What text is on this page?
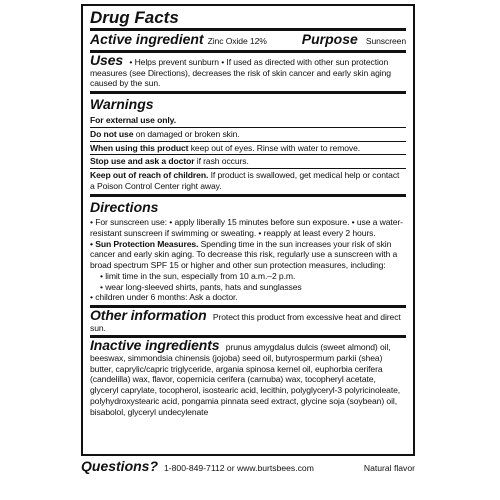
Drug Facts
Active ingredient Zinc Oxide 12% Purpose Sunscreen
Uses • Helps prevent sunburn • If used as directed with other sun protection measures (see Directions), decreases the risk of skin cancer and early skin aging caused by the sun.
Warnings
For external use only.
Do not use on damaged or broken skin.
When using this product keep out of eyes. Rinse with water to remove.
Stop use and ask a doctor if rash occurs.
Keep out of reach of children. If product is swallowed, get medical help or contact a Poison Control Center right away.
Directions
• For sunscreen use: • apply liberally 15 minutes before sun exposure. • use a water-resistant sunscreen if swimming or sweating. • reapply at least every 2 hours.
• Sun Protection Measures. Spending time in the sun increases your risk of skin cancer and early skin aging. To decrease this risk, regularly use a sunscreen with a broad spectrum SPF 15 or higher and other sun protection measures, including:
• limit time in the sun, especially from 10 a.m.–2 p.m.
• wear long-sleeved shirts, pants, hats and sunglasses
• children under 6 months: Ask a doctor.
Other information Protect this product from excessive heat and direct sun.
Inactive ingredients prunus amygdalus dulcis (sweet almond) oil, beeswax, simmondsia chinensis (jojoba) seed oil, butyrospermum parkii (shea) butter, caprylic/capric triglyceride, argania spinosa kernel oil, euphorbia cerifera (candelilla) wax, flavor, copernicia cerifera (carnuba) wax, tocopheryl acetate, glyceryl caprylate, tocopherol, isostearic acid, lecithin, polyglyceryl-3 polyricinoleate, polyhydroxystearic acid, pongamia pinnata seed extract, glycine soja (soybean) oil, bisabolol, glyceryl undecylenate
Questions? 1-800-849-7112 or www.burtsbees.com	Natural flavor
